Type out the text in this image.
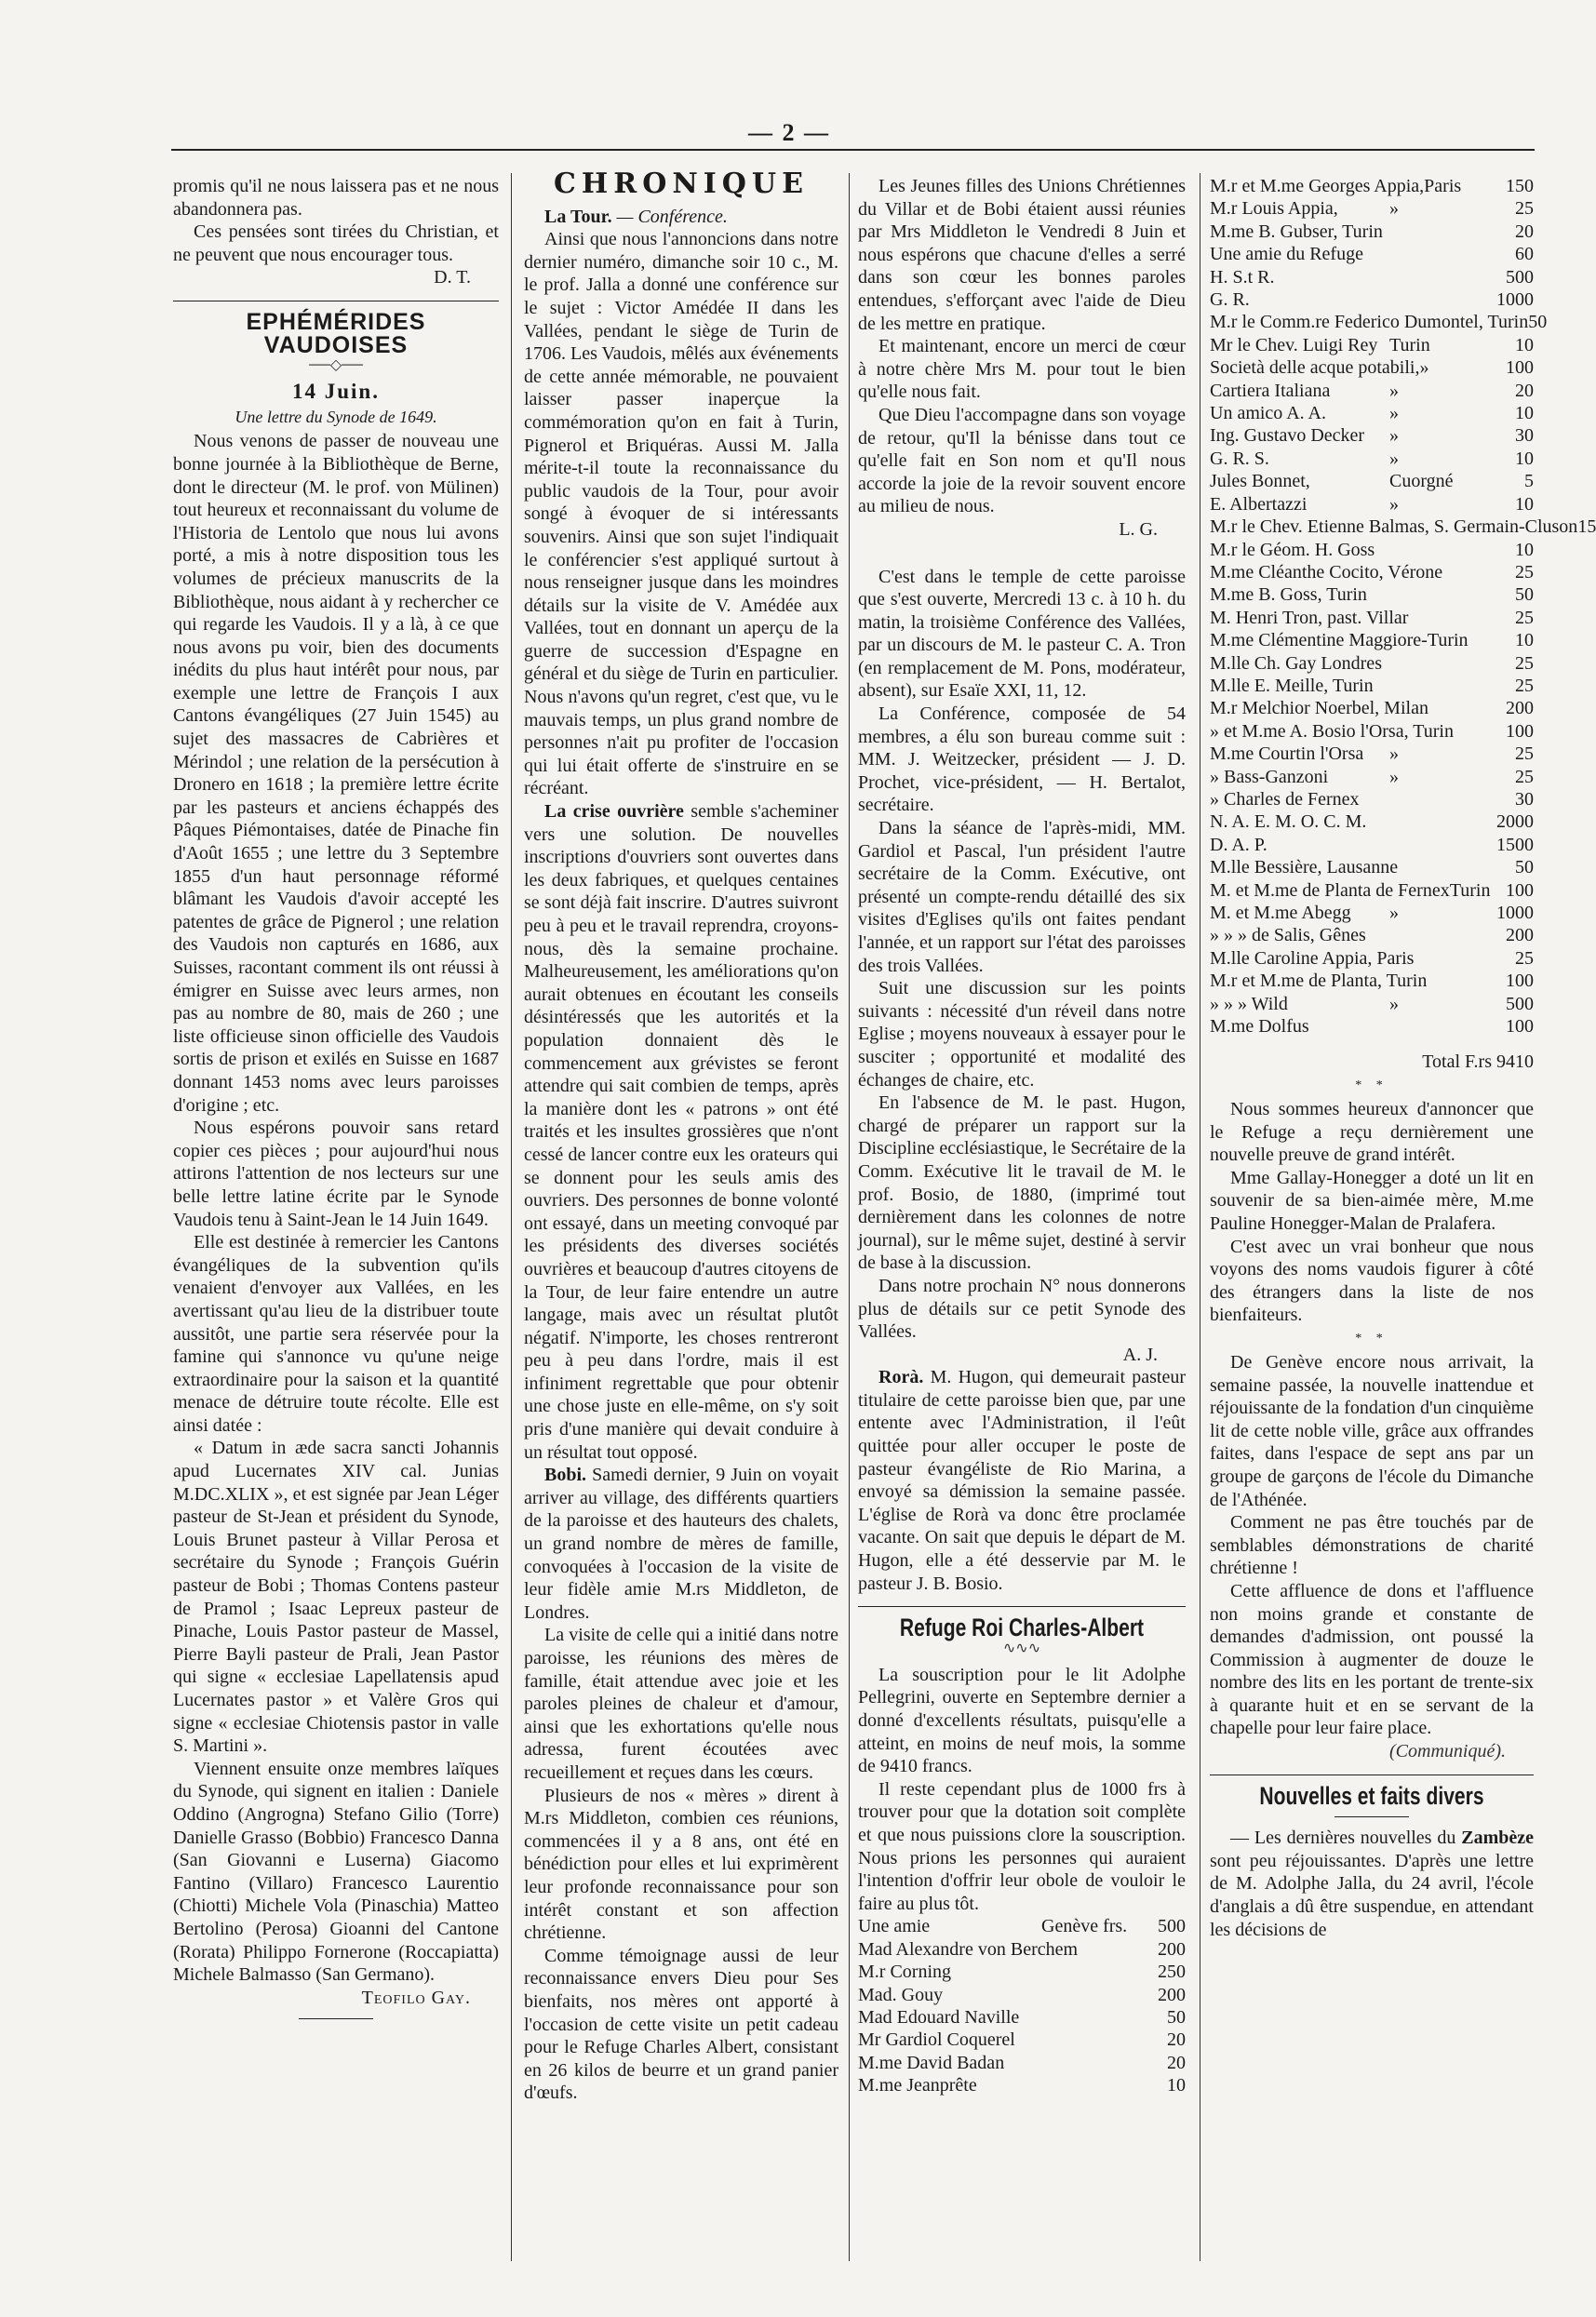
— 2 —

promis qu'il ne nous laissera pas et ne nous abandonnera pas.

Ces pensées sont tirées du Christian, et ne peuvent que nous encourager tous.

D. T.
EPHÉMÉRIDES VAUDOISES
──◇──
14 Juin.
Une lettre du Synode de 1649.

Nous venons de passer de nouveau une bonne journée à la Bibliothèque de Berne, dont le directeur (M. le prof. von Mülinen) tout heureux et reconnaissant du volume de l'Historia de Lentolo que nous lui avons porté, a mis à notre disposition tous les volumes de précieux manuscrits de la Bibliothèque, nous aidant à y rechercher ce qui regarde les Vaudois. Il y a là, à ce que nous avons pu voir, bien des documents inédits du plus haut intérêt pour nous, par exemple une lettre de François I aux Cantons évangéliques (27 Juin 1545) au sujet des massacres de Cabrières et Mérindol ; une relation de la persécution à Dronero en 1618 ; la première lettre écrite par les pasteurs et anciens échappés des Pâques Piémontaises, datée de Pinache fin d'Août 1655 ; une lettre du 3 Septembre 1855 d'un haut personnage réformé blâmant les Vaudois d'avoir accepté les patentes de grâce de Pignerol ; une relation des Vaudois non capturés en 1686, aux Suisses, racontant comment ils ont réussi à émigrer en Suisse avec leurs armes, non pas au nombre de 80, mais de 260 ; une liste officieuse sinon officielle des Vaudois sortis de prison et exilés en Suisse en 1687 donnant 1453 noms avec leurs paroisses d'origine ; etc.

Nous espérons pouvoir sans retard copier ces pièces ; pour aujourd'hui nous attirons l'attention de nos lecteurs sur une belle lettre latine écrite par le Synode Vaudois tenu à Saint-Jean le 14 Juin 1649.

Elle est destinée à remercier les Cantons évangéliques de la subvention qu'ils venaient d'envoyer aux Vallées, en les avertissant qu'au lieu de la distribuer toute aussitôt, une partie sera réservée pour la famine qui s'annonce vu qu'une neige extraordinaire pour la saison et la quantité menace de détruire toute récolte. Elle est ainsi datée :

« Datum in æde sacra sancti Johannis apud Lucernates XIV cal. Junias M.DC.XLIX », et est signée par Jean Léger pasteur de St-Jean et président du Synode, Louis Brunet pasteur à Villar Perosa et secrétaire du Synode ; François Guérin pasteur de Bobi ; Thomas Contens pasteur de Pramol ; Isaac Lepreux pasteur de Pinache, Louis Pastor pasteur de Massel, Pierre Bayli pasteur de Prali, Jean Pastor qui signe « ecclesiae Lapellatensis apud Lucernates pastor » et Valère Gros qui signe « ecclesiae Chiotensis pastor in valle S. Martini ».

Viennent ensuite onze membres laïques du Synode, qui signent en italien : Daniele Oddino (Angrogna) Stefano Gilio (Torre) Danielle Grasso (Bobbio) Francesco Danna (San Giovanni e Luserna) Giacomo Fantino (Villaro) Francesco Laurentio (Chiotti) Michele Vola (Pinaschia) Matteo Bertolino (Perosa) Gioanni del Cantone (Rorata) Philippo Fornerone (Roccapiatta) Michele Balmasso (San Germano).

Teofilo Gay.
CHRONIQUE

La Tour. — Conférence.

Ainsi que nous l'annoncions dans notre dernier numéro, dimanche soir 10 c., M. le prof. Jalla a donné une conférence sur le sujet : Victor Amédée II dans les Vallées, pendant le siège de Turin de 1706. Les Vaudois, mêlés aux événements de cette année mémorable, ne pouvaient laisser passer inaperçue la commémoration qu'on en fait à Turin, Pignerol et Briquéras. Aussi M. Jalla mérite-t-il toute la reconnaissance du public vaudois de la Tour, pour avoir songé à évoquer de si intéressants souvenirs. Ainsi que son sujet l'indiquait le conférencier s'est appliqué surtout à nous renseigner jusque dans les moindres détails sur la visite de V. Amédée aux Vallées, tout en donnant un aperçu de la guerre de succession d'Espagne en général et du siège de Turin en particulier. Nous n'avons qu'un regret, c'est que, vu le mauvais temps, un plus grand nombre de personnes n'ait pu profiter de l'occasion qui lui était offerte de s'instruire en se récréant.

La crise ouvrière semble s'acheminer vers une solution. De nouvelles inscriptions d'ouvriers sont ouvertes dans les deux fabriques, et quelques centaines se sont déjà fait inscrire. D'autres suivront peu à peu et le travail reprendra, croyons-nous, dès la semaine prochaine. Malheureusement, les améliorations qu'on aurait obtenues en écoutant les conseils désintéressés que les autorités et la population donnaient dès le commencement aux grévistes se feront attendre qui sait combien de temps, après la manière dont les « patrons » ont été traités et les insultes grossières que n'ont cessé de lancer contre eux les orateurs qui se donnent pour les seuls amis des ouvriers. Des personnes de bonne volonté ont essayé, dans un meeting convoqué par les présidents des diverses sociétés ouvrières et beaucoup d'autres citoyens de la Tour, de leur faire entendre un autre langage, mais avec un résultat plutôt négatif. N'importe, les choses rentreront peu à peu dans l'ordre, mais il est infiniment regrettable que pour obtenir une chose juste en elle-même, on s'y soit pris d'une manière qui devait conduire à un résultat tout opposé.

Bobi. Samedi dernier, 9 Juin on voyait arriver au village, des différents quartiers de la paroisse et des hauteurs des chalets, un grand nombre de mères de famille, convoquées à l'occasion de la visite de leur fidèle amie M.rs Middleton, de Londres.

La visite de celle qui a initié dans notre paroisse, les réunions des mères de famille, était attendue avec joie et les paroles pleines de chaleur et d'amour, ainsi que les exhortations qu'elle nous adressa, furent écoutées avec recueillement et reçues dans les cœurs.

Plusieurs de nos « mères » dirent à M.rs Middleton, combien ces réunions, commencées il y a 8 ans, ont été en bénédiction pour elles et lui exprimèrent leur profonde reconnaissance pour son intérêt constant et son affection chrétienne.

Comme témoignage aussi de leur reconnaissance envers Dieu pour Ses bienfaits, nos mères ont apporté à l'occasion de cette visite un petit cadeau pour le Refuge Charles Albert, consistant en 26 kilos de beurre et un grand panier d'œufs.

Les Jeunes filles des Unions Chrétiennes du Villar et de Bobi étaient aussi réunies par Mrs Middleton le Vendredi 8 Juin et nous espérons que chacune d'elles a serré dans son cœur les bonnes paroles entendues, s'efforçant avec l'aide de Dieu de les mettre en pratique.

Et maintenant, encore un merci de cœur à notre chère Mrs M. pour tout le bien qu'elle nous fait.

Que Dieu l'accompagne dans son voyage de retour, qu'Il la bénisse dans tout ce qu'elle fait en Son nom et qu'Il nous accorde la joie de la revoir souvent encore au milieu de nous.

L. G.

C'est dans le temple de cette paroisse que s'est ouverte, Mercredi 13 c. à 10 h. du matin, la troisième Conférence des Vallées, par un discours de M. le pasteur C. A. Tron (en remplacement de M. Pons, modérateur, absent), sur Esaïe XXI, 11, 12.

La Conférence, composée de 54 membres, a élu son bureau comme suit : MM. J. Weitzecker, président — J. D. Prochet, vice-président, — H. Bertalot, secrétaire.

Dans la séance de l'après-midi, MM. Gardiol et Pascal, l'un président l'autre secrétaire de la Comm. Exécutive, ont présenté un compte-rendu détaillé des six visites d'Eglises qu'ils ont faites pendant l'année, et un rapport sur l'état des paroisses des trois Vallées.

Suit une discussion sur les points suivants : nécessité d'un réveil dans notre Eglise ; moyens nouveaux à essayer pour le susciter ; opportunité et modalité des échanges de chaire, etc.

En l'absence de M. le past. Hugon, chargé de préparer un rapport sur la Discipline ecclésiastique, le Secrétaire de la Comm. Exécutive lit le travail de M. le prof. Bosio, de 1880, (imprimé tout dernièrement dans les colonnes de notre journal), sur le même sujet, destiné à servir de base à la discussion.

Dans notre prochain N° nous donnerons plus de détails sur ce petit Synode des Vallées.

A. J.

Rorà. M. Hugon, qui demeurait pasteur titulaire de cette paroisse bien que, par une entente avec l'Administration, il l'eût quittée pour aller occuper le poste de pasteur évangéliste de Rio Marina, a envoyé sa démission la semaine passée. L'église de Rorà va donc être proclamée vacante. On sait que depuis le départ de M. Hugon, elle a été desservie par M. le pasteur J. B. Bosio.

Refuge Roi Charles-Albert
∿∿∿

La souscription pour le lit Adolphe Pellegrini, ouverte en Septembre dernier a donné d'excellents résultats, puisqu'elle a atteint, en moins de neuf mois, la somme de 9410 francs.

Il reste cependant plus de 1000 frs à trouver pour que la dotation soit complète et que nous puissions clore la souscription. Nous prions les personnes qui auraient l'intention d'offrir leur obole de vouloir le faire au plus tôt.

Une amie	Genève frs.	500
Mad Alexandre von Berchem	200
M.r Corning	250
Mad. Gouy	200
Mad Edouard Naville	50
Mr Gardiol Coquerel	20
M.me David Badan	20
M.me Jeanprête	10
M.r et M.me Georges Appia, Paris	150
M.r Louis Appia,	»	25
M.me B. Gubser, Turin	20
Une amie du Refuge	60
H. S.t R.	500
G. R.	1000
M.r le Comm.re Federico Dumontel, Turin 50
Mr le Chev. Luigi Rey Turin	10
Società delle acque potabili, »	100
Cartiera Italiana	»	20
Un amico A. A.	»	10
Ing. Gustavo Decker	»	30
G. R. S.	»	10
Jules Bonnet,	Cuorgné	5
E. Albertazzi	»	10
M.r le Chev. Etienne Balmas, S. Germain-Cluson 15
M.r le Géom. H. Goss	10
M.me Cléanthe Cocito, Vérone	25
M.me B. Goss, Turin	50
M. Henri Tron, past. Villar	25
M.me Clémentine Maggiore-Turin	10
M.lle Ch. Gay Londres	25
M.lle E. Meille, Turin	25
M.r Melchior Noerbel, Milan	200
» et M.me A. Bosio l'Orsa, Turin	100
M.me Courtin l'Orsa	»	25
» Bass-Ganzoni	»	25
» Charles de Fernex	30
N. A. E. M. O. C. M.	2000
D. A. P.	1500
M.lle Bessière, Lausanne	50
M. et M.me de Planta de Fernex Turin 100
M. et M.me Abegg	»	1000
» » » de Salis, Gênes	200
M.lle Caroline Appia, Paris	25
M.r et M.me de Planta, Turin	100
» » » Wild	»	500
M.me Dolfus	100
Total F.rs 9410
* *

Nous sommes heureux d'annoncer que le Refuge a reçu dernièrement une nouvelle preuve de grand intérêt.

Mme Gallay-Honegger a doté un lit en souvenir de sa bien-aimée mère, M.me Pauline Honegger-Malan de Pralafera.

C'est avec un vrai bonheur que nous voyons des noms vaudois figurer à côté des étrangers dans la liste de nos bienfaiteurs.

* *

De Genève encore nous arrivait, la semaine passée, la nouvelle inattendue et réjouissante de la fondation d'un cinquième lit de cette noble ville, grâce aux offrandes faites, dans l'espace de sept ans par un groupe de garçons de l'école du Dimanche de l'Athénée.

Comment ne pas être touchés par de semblables démonstrations de charité chrétienne !

Cette affluence de dons et l'affluence non moins grande et constante de demandes d'admission, ont poussé la Commission à augmenter de douze le nombre des lits en les portant de trente-six à quarante huit et en se servant de la chapelle pour leur faire place.

(Communiqué).
Nouvelles et faits divers

— Les dernières nouvelles du Zambèze sont peu réjouissantes. D'après une lettre de M. Adolphe Jalla, du 24 avril, l'école d'anglais a dû être suspendue, en attendant les décisions de
